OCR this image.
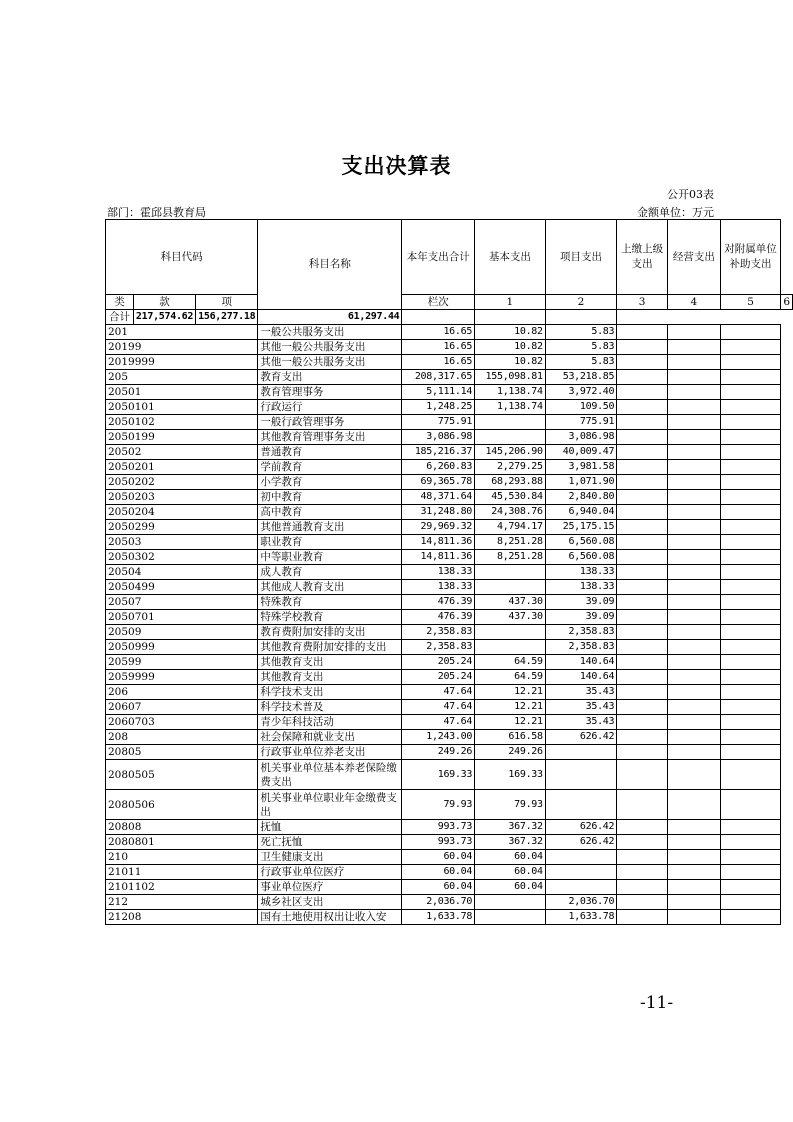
支出决算表
公开03表
部门：霍邱县教育局	金额单位：万元
科目代码			科目名称	本年支出合计	基本支出	项目支出	上缴上级支出	经营支出	对附属单位补助支出	
类	款	项		栏次	1	2	3	4	5	6
合计	217,574.62	156,277.18	61,297.44							
201			一般公共服务支出	16.65	10.82	5.83				
20199			其他一般公共服务支出	16.65	10.82	5.83				
2019999			其他一般公共服务支出	16.65	10.82	5.83				
205			教育支出	208,317.65	155,098.81	53,218.85				
20501			教育管理事务	5,111.14	1,138.74	3,972.40				
2050101			行政运行	1,248.25	1,138.74	109.50				
2050102			一般行政管理事务	775.91		775.91				
2050199			其他教育管理事务支出	3,086.98		3,086.98				
20502			普通教育	185,216.37	145,206.90	40,009.47				
2050201			学前教育	6,260.83	2,279.25	3,981.58				
2050202			小学教育	69,365.78	68,293.88	1,071.90				
2050203			初中教育	48,371.64	45,530.84	2,840.80				
2050204			高中教育	31,248.80	24,308.76	6,940.04				
2050299			其他普通教育支出	29,969.32	4,794.17	25,175.15				
20503			职业教育	14,811.36	8,251.28	6,560.08				
2050302			中等职业教育	14,811.36	8,251.28	6,560.08				
20504			成人教育	138.33		138.33				
2050499			其他成人教育支出	138.33		138.33				
20507			特殊教育	476.39	437.30	39.09				
2050701			特殊学校教育	476.39	437.30	39.09				
20509			教育费附加安排的支出	2,358.83		2,358.83				
2050999			其他教育费附加安排的支出	2,358.83		2,358.83				
20599			其他教育支出	205.24	64.59	140.64				
2059999			其他教育支出	205.24	64.59	140.64				
206			科学技术支出	47.64	12.21	35.43				
20607			科学技术普及	47.64	12.21	35.43				
2060703			青少年科技活动	47.64	12.21	35.43				
208			社会保障和就业支出	1,243.00	616.58	626.42				
20805			行政事业单位养老支出	249.26	249.26					
2080505			机关事业单位基本养老保险缴费支出	169.33	169.33					
2080506			机关事业单位职业年金缴费支出	79.93	79.93					
20808			抚恤	993.73	367.32	626.42				
2080801			死亡抚恤	993.73	367.32	626.42				
210			卫生健康支出	60.04	60.04					
21011			行政事业单位医疗	60.04	60.04					
2101102			事业单位医疗	60.04	60.04					
212			城乡社区支出	2,036.70		2,036.70				
21208			国有土地使用权出让收入安	1,633.78		1,633.78				
-11-
